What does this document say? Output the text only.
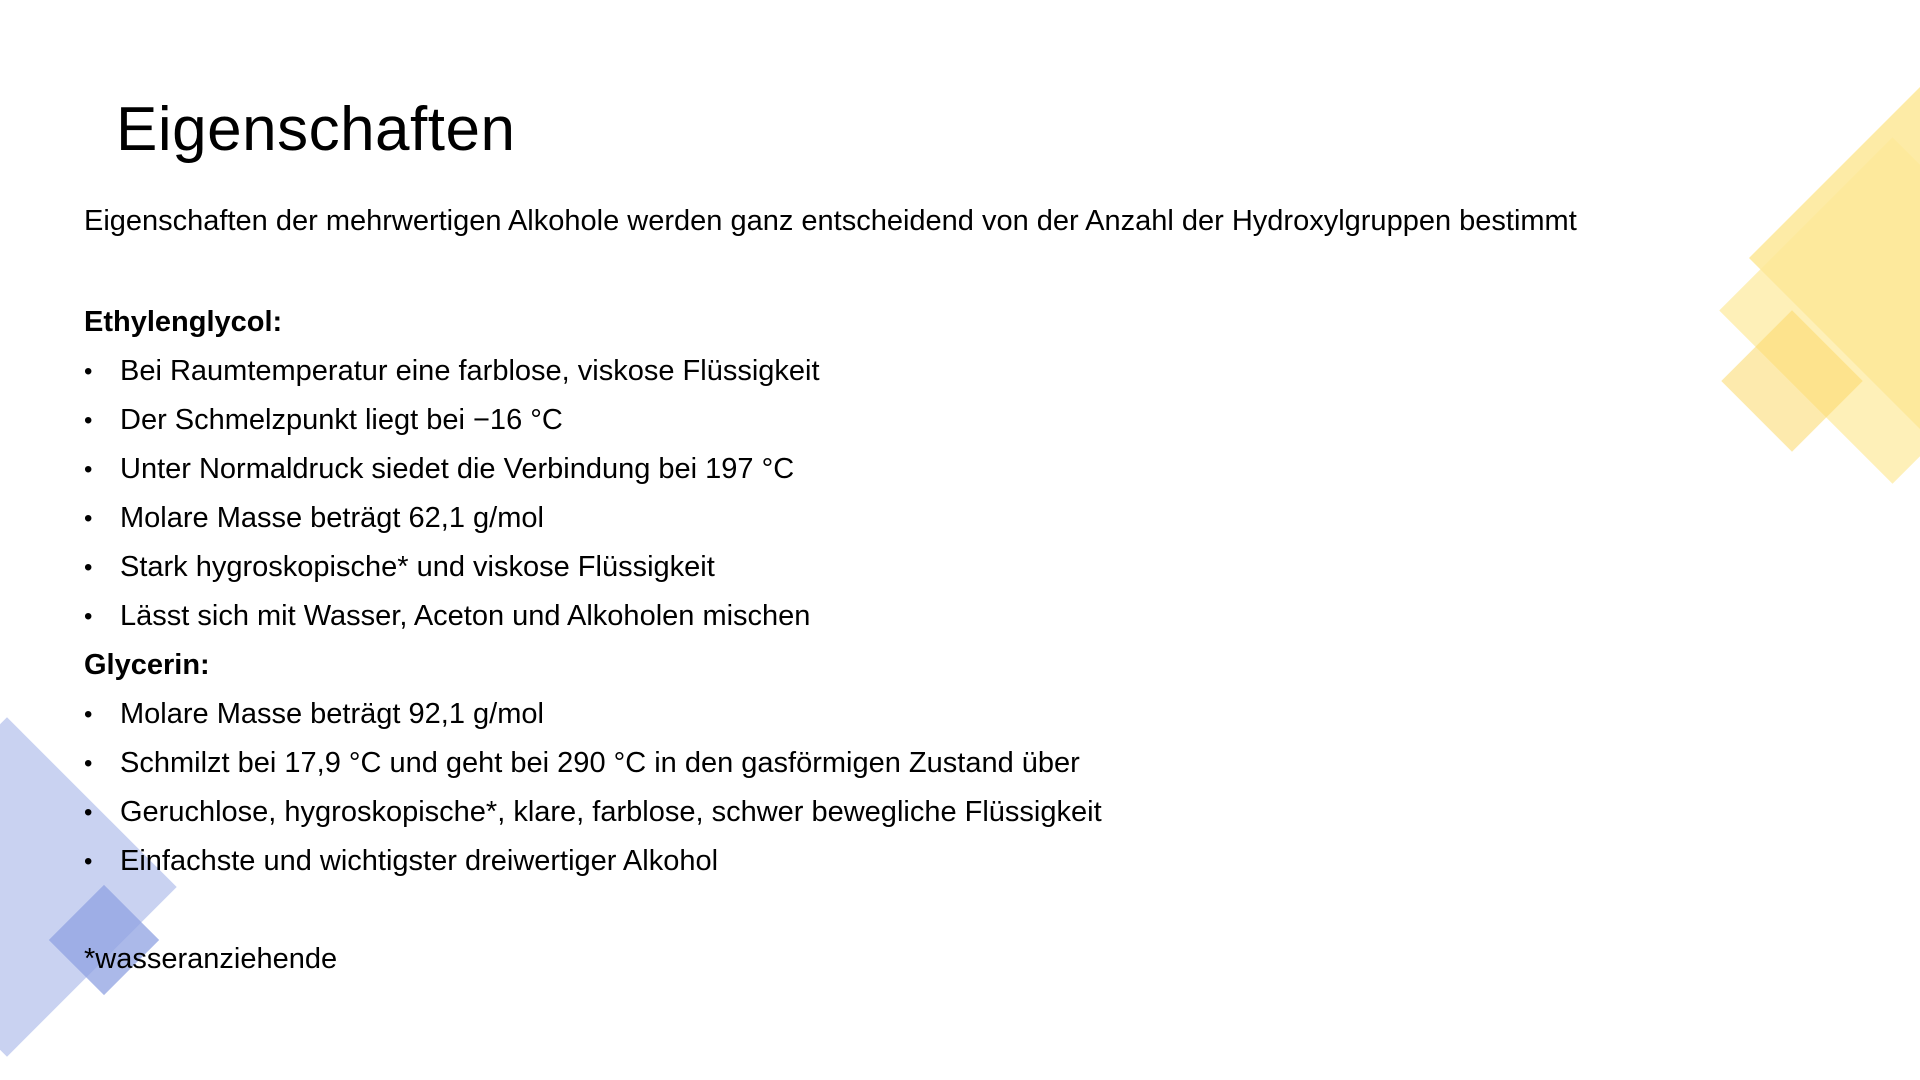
Eigenschaften

Eigenschaften der mehrwertigen Alkohole werden ganz entscheidend von der Anzahl der Hydroxylgruppen bestimmt

Ethylenglycol:

• Bei Raumtemperatur eine farblose, viskose Flüssigkeit
• Der Schmelzpunkt liegt bei −16 °C
• Unter Normaldruck siedet die Verbindung bei 197 °C
• Molare Masse beträgt 62,1 g/mol
• Stark hygroskopische* und viskose Flüssigkeit
• Lässt sich mit Wasser, Aceton und Alkoholen mischen

Glycerin:

• Molare Masse beträgt 92,1 g/mol
• Schmilzt bei 17,9 °C und geht bei 290 °C in den gasförmigen Zustand über
• Geruchlose, hygroskopische*, klare, farblose, schwer bewegliche Flüssigkeit
• Einfachste und wichtigster dreiwertiger Alkohol

*wasseranziehende
